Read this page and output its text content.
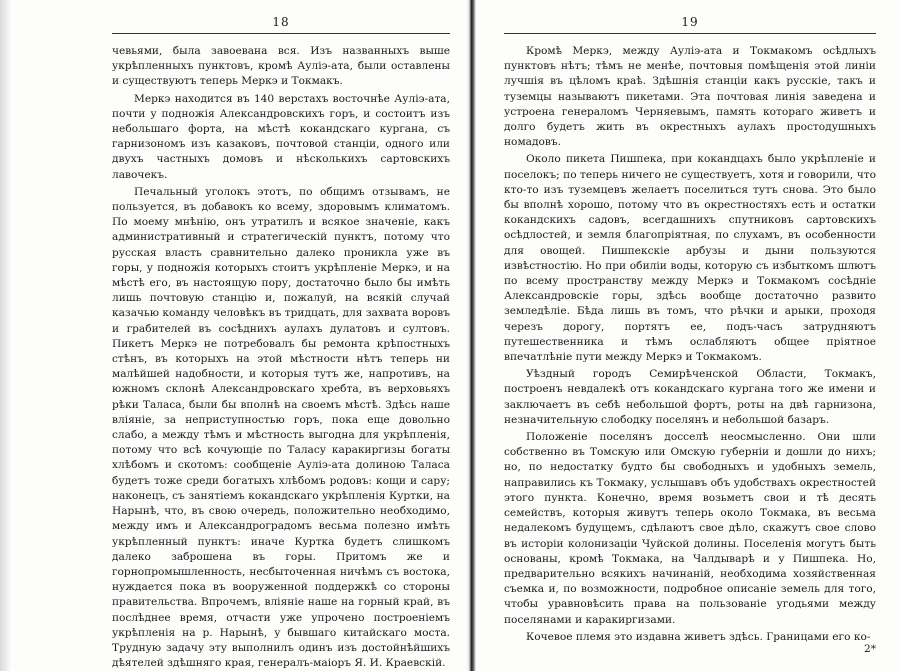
18

чевьями, была завоевана вся. Изъ названныхъ выше укрѣпленныхъ пунктовъ, кромѣ Ауліэ-ата, были оставлены и существуютъ теперь Меркэ и Токмакъ.

Меркэ находится въ 140 верстахъ восточнѣе Ауліэ-ата, почти у подножія Александровскихъ горъ, и состоитъ изъ небольшаго форта, на мѣстѣ кокандскаго кургана, съ гарнизономъ изъ казаковъ, почтовой станціи, одного или двухъ частныхъ домовъ и нѣсколькихъ сартовскихъ лавочекъ.

Печальный уголокъ этотъ, по общимъ отзывамъ, не пользуется, въ добавокъ ко всему, здоровымъ климатомъ. По моему мнѣнію, онъ утратилъ и всякое значеніе, какъ административный и стратегическій пунктъ, потому что русская власть сравнительно далеко проникла уже въ горы, у подножія которыхъ стоитъ укрѣпленіе Меркэ, и на мѣстѣ его, въ настоящую пору, достаточно было бы имѣть лишь почтовую станцію и, пожалуй, на всякій случай казачью команду человѣкъ въ тридцать, для захвата воровъ и грабителей въ сосѣднихъ аулахъ дулатовъ и султовъ. Пикетъ Меркэ не потребовалъ бы ремонта крѣпостныхъ стѣнъ, въ которыхъ на этой мѣстности нѣтъ теперь ни малѣйшей надобности, и которыя тутъ же, напротивъ, на южномъ склонѣ Александровскаго хребта, въ верховьяхъ рѣки Таласа, были бы вполнѣ на своемъ мѣстѣ. Здѣсь наше вліяніе, за неприступностью горъ, пока еще довольно слабо, а между тѣмъ и мѣстность выгодна для укрѣпленія, потому что всѣ кочующіе по Таласу каракиргизы богаты хлѣбомъ и скотомъ: сообщеніе Ауліэ-ата долиною Таласа будетъ тоже среди богатыхъ хлѣбомъ родовъ: кощи и сару; наконецъ, съ занятіемъ кокандскаго укрѣпленія Куртки, на Нарынѣ, что, въ свою очередь, положительно необходимо, между имъ и Александроградомъ весьма полезно имѣть укрѣпленный пунктъ: иначе Куртка будетъ слишкомъ далеко заброшена въ горы. Притомъ же и горнопромышленность, несбыточенная ничѣмъ съ востока, нуждается пока въ вооруженной поддержкѣ со стороны правительства. Впрочемъ, вліяніе наше на горный край, въ послѣднее время, отчасти уже упрочено построеніемъ укрѣпленія на р. Нарынѣ, у бывшаго китайскаго моста. Трудную задачу эту выполнилъ одинъ изъ достойнѣйшихъ дѣятелей здѣшняго края, генералъ-маіоръ Я. И. Краевскій.

19

Кромѣ Меркэ, между Ауліэ-ата и Токмакомъ осѣдлыхъ пунктовъ нѣтъ; тѣмъ не менѣе, почтовыя помѣщенія этой линіи лучшія въ цѣломъ краѣ. Здѣшнія станціи какъ русскіе, такъ и туземцы называютъ пикетами. Эта почтовая линія заведена и устроена генераломъ Черняевымъ, память котораго живетъ и долго будетъ жить въ окрестныхъ аулахъ простодушныхъ номадовъ.

Около пикета Пишпека, при кокандцахъ было укрѣпленіе и поселокъ; по теперь ничего не существуетъ, хотя и говорили, что кто-то изъ туземцевъ желаетъ поселиться тутъ снова. Это было бы вполнѣ хорошо, потому что въ окрестностяхъ есть и остатки кокандскихъ садовъ, всегдашнихъ спутниковъ сартовскихъ осѣдлостей, и земля благопріятная, по слухамъ, въ особенности для овощей. Пишпекскіе арбузы и дыни пользуются извѣстностію. Но при обиліи воды, которую съ избыткомъ шлютъ по всему пространству между Меркэ и Токмакомъ сосѣдніе Александровскіе горы, здѣсь вообще достаточно развито земледѣліе. Бѣда лишь въ томъ, что рѣчки и арыки, проходя черезъ дорогу, портятъ ее, подъ-часъ затрудняютъ путешественника и тѣмъ ослабляютъ общее пріятное впечатлѣніе пути между Меркэ и Токмакомъ.

Уѣздный городъ Семирѣченской Области, Токмакъ, построенъ невдалекѣ отъ кокандскаго кургана того же имени и заключаетъ въ себѣ небольшой фортъ, роты на двѣ гарнизона, незначительную слободку поселянъ и небольшой базаръ.

Положеніе поселянъ досселѣ неосмысленно. Они шли собственно въ Томскую или Омскую губернiи и дошли до нихъ; но, по недостатку будто бы свободныхъ и удобныхъ земель, направились къ Токмаку, услышавъ объ удобствахъ окрестностей этого пункта. Конечно, время возьметъ свои и тѣ десять семействъ, которыя живутъ теперь около Токмака, въ весьма недалекомъ будущемъ, сдѣлаютъ свое дѣло, скажутъ свое слово въ исторіи колонизаціи Чуйской долины. Поселенія могутъ быть основаны, кромѣ Токмака, на Чалдыварѣ и у Пишпека. Но, предварительно всякихъ начинаній, необходима хозяйственная съемка и, по возможности, подробное описаніе земель для того, чтобы уравновѣсить права на пользованіе угодьями между поселянами и каракиргизами.

Кочевое племя это издавна живетъ здѣсь. Границами его ко-

2*
